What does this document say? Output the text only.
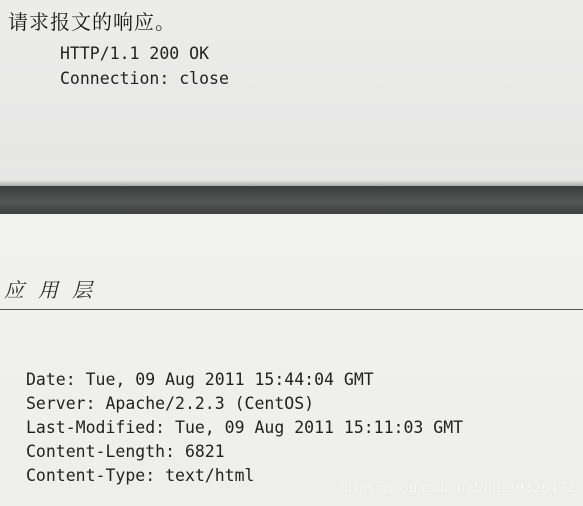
请求报文的响应。
HTTP/1.1 200 OK
Connection: close
应用层
Date: Tue, 09 Aug 2011 15:44:04 GMT
Server: Apache/2.2.3 (CentOS)
Last-Modified: Tue, 09 Aug 2011 15:11:03 GMT
Content-Length: 6821
Content-Type: text/html
https://blog.csdn.net/qq_39326472
